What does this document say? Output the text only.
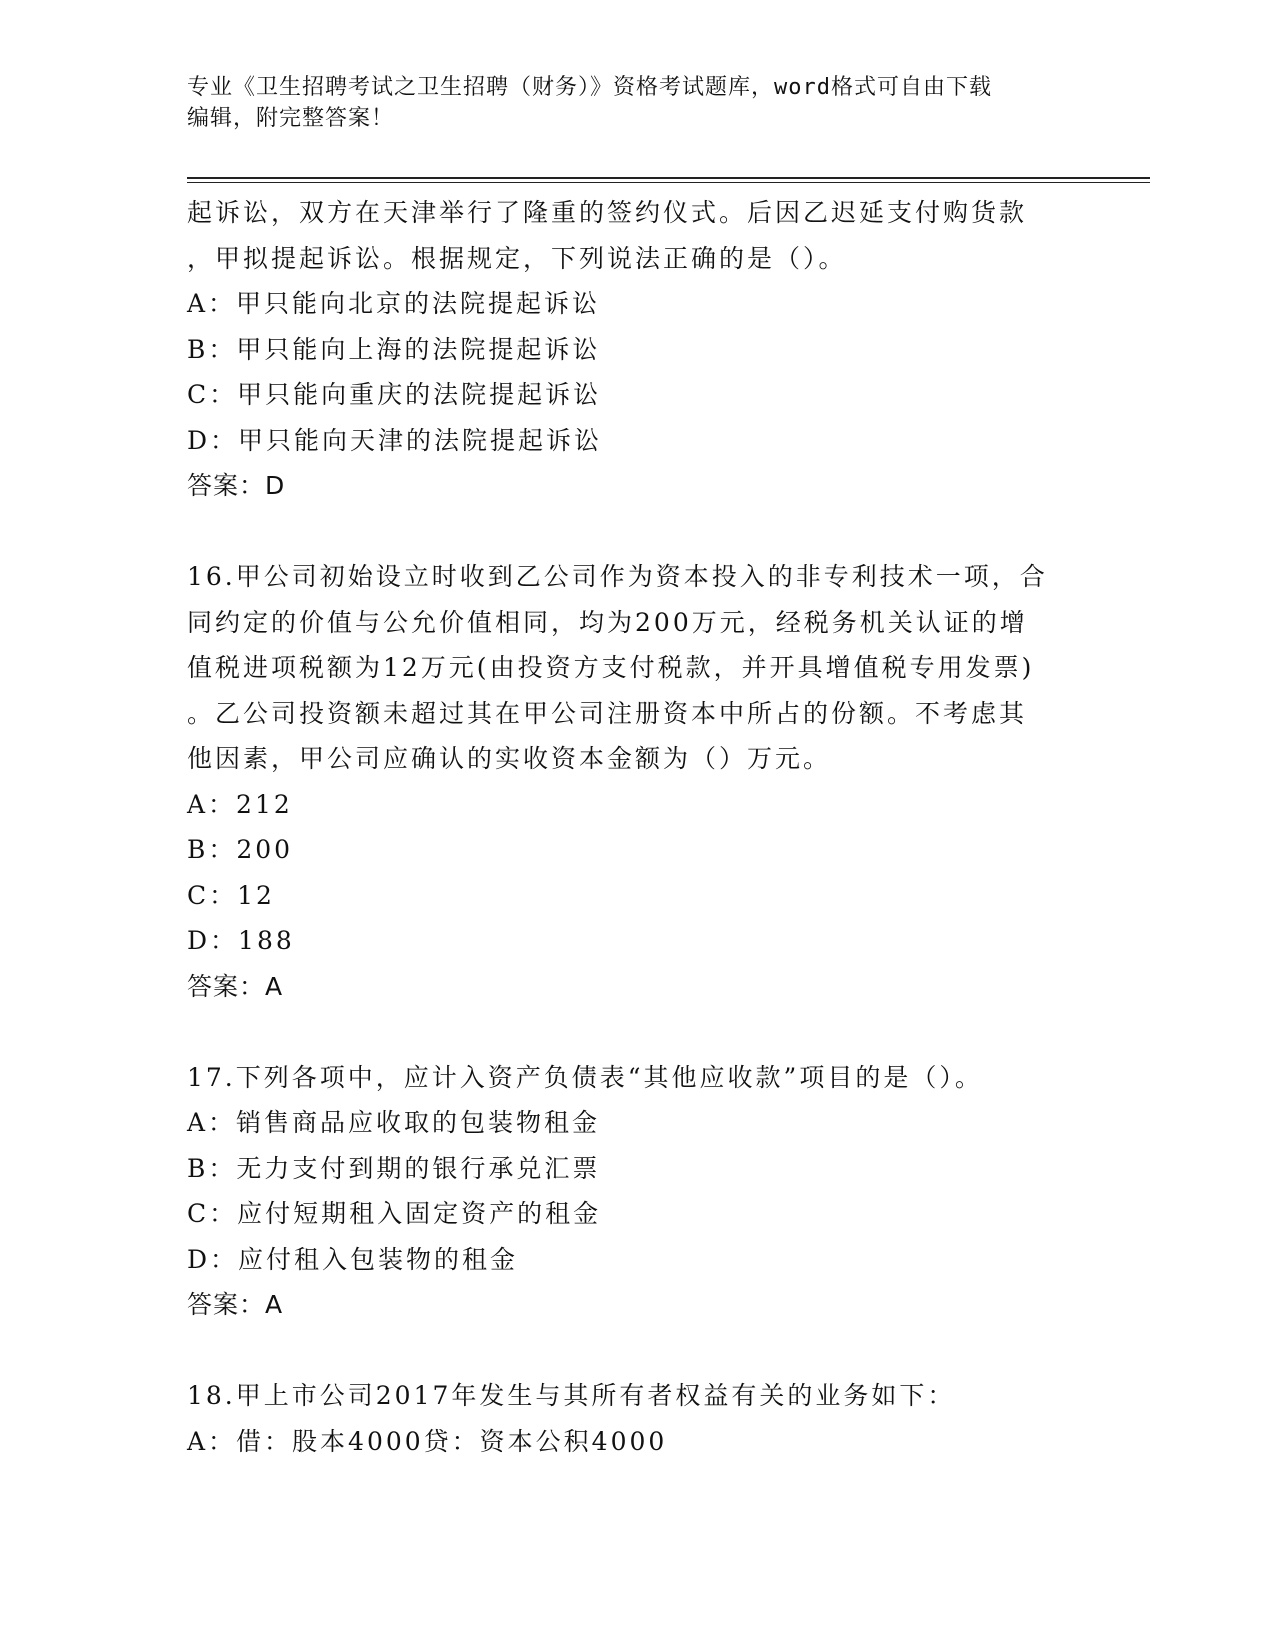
专业《卫生招聘考试之卫生招聘（财务）》资格考试题库，word格式可自由下载
编辑，附完整答案！
起诉讼，双方在天津举行了隆重的签约仪式。后因乙迟延支付购货款
，甲拟提起诉讼。根据规定，下列说法正确的是（）。
A：甲只能向北京的法院提起诉讼
B：甲只能向上海的法院提起诉讼
C：甲只能向重庆的法院提起诉讼
D：甲只能向天津的法院提起诉讼
答案：D
16.甲公司初始设立时收到乙公司作为资本投入的非专利技术一项，合
同约定的价值与公允价值相同，均为200万元，经税务机关认证的增
值税进项税额为12万元(由投资方支付税款，并开具增值税专用发票)
。乙公司投资额未超过其在甲公司注册资本中所占的份额。不考虑其
他因素，甲公司应确认的实收资本金额为（）万元。
A：212
B：200
C：12
D：188
答案：A
17.下列各项中，应计入资产负债表“其他应收款”项目的是（）。
A：销售商品应收取的包装物租金
B：无力支付到期的银行承兑汇票
C：应付短期租入固定资产的租金
D：应付租入包装物的租金
答案：A
18.甲上市公司2017年发生与其所有者权益有关的业务如下：
A：借：股本4000贷：资本公积4000
